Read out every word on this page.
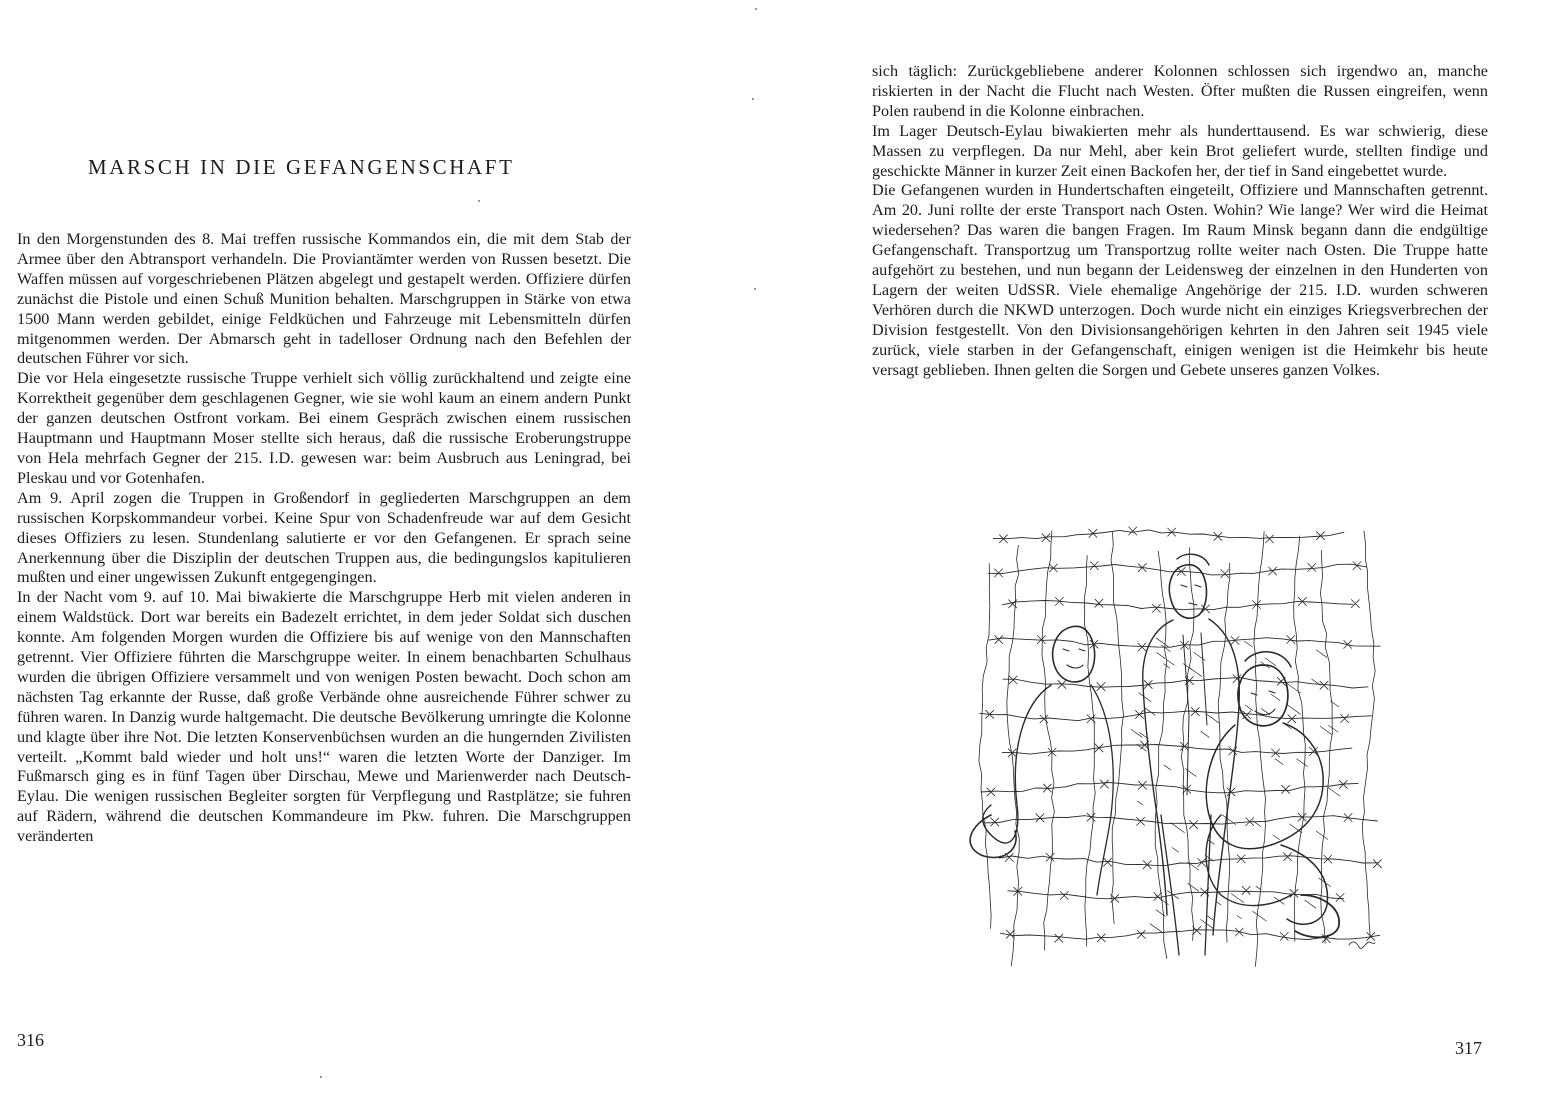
MARSCH IN DIE GEFANGENSCHAFT

In den Morgenstunden des 8. Mai treffen russische Kommandos ein, die mit dem Stab der Armee über den Abtransport verhandeln. Die Proviantämter werden von Russen besetzt. Die Waffen müssen auf vorgeschriebenen Plätzen abgelegt und gestapelt werden. Offiziere dürfen zunächst die Pistole und einen Schuß Munition behalten. Marschgruppen in Stärke von etwa 1500 Mann werden gebildet, einige Feldküchen und Fahrzeuge mit Lebensmitteln dürfen mitgenommen werden. Der Abmarsch geht in tadelloser Ordnung nach den Befehlen der deutschen Führer vor sich.

Die vor Hela eingesetzte russische Truppe verhielt sich völlig zurückhaltend und zeigte eine Korrektheit gegenüber dem geschlagenen Gegner, wie sie wohl kaum an einem andern Punkt der ganzen deutschen Ostfront vorkam. Bei einem Gespräch zwischen einem russischen Hauptmann und Hauptmann Moser stellte sich heraus, daß die russische Eroberungstruppe von Hela mehrfach Gegner der 215. I.D. gewesen war: beim Ausbruch aus Leningrad, bei Pleskau und vor Gotenhafen.

Am 9. April zogen die Truppen in Großendorf in gegliederten Marschgruppen an dem russischen Korpskommandeur vorbei. Keine Spur von Schadenfreude war auf dem Gesicht dieses Offiziers zu lesen. Stundenlang salutierte er vor den Gefangenen. Er sprach seine Anerkennung über die Disziplin der deutschen Truppen aus, die bedingungslos kapitulieren mußten und einer ungewissen Zukunft entgegengingen.

In der Nacht vom 9. auf 10. Mai biwakierte die Marschgruppe Herb mit vielen anderen in einem Waldstück. Dort war bereits ein Badezelt errichtet, in dem jeder Soldat sich duschen konnte. Am folgenden Morgen wurden die Offiziere bis auf wenige von den Mannschaften getrennt. Vier Offiziere führten die Marschgruppe weiter. In einem benachbarten Schulhaus wurden die übrigen Offiziere versammelt und von wenigen Posten bewacht. Doch schon am nächsten Tag erkannte der Russe, daß große Verbände ohne ausreichende Führer schwer zu führen waren. In Danzig wurde haltgemacht. Die deutsche Bevölkerung umringte die Kolonne und klagte über ihre Not. Die letzten Konservenbüchsen wurden an die hungernden Zivilisten verteilt. „Kommt bald wieder und holt uns!“ waren die letzten Worte der Danziger. Im Fußmarsch ging es in fünf Tagen über Dirschau, Mewe und Marienwerder nach Deutsch-Eylau. Die wenigen russischen Begleiter sorgten für Verpflegung und Rastplätze; sie fuhren auf Rädern, während die deutschen Kommandeure im Pkw. fuhren. Die Marschgruppen veränderten

316

sich täglich: Zurückgebliebene anderer Kolonnen schlossen sich irgendwo an, manche riskierten in der Nacht die Flucht nach Westen. Öfter mußten die Russen eingreifen, wenn Polen raubend in die Kolonne einbrachen.

Im Lager Deutsch-Eylau biwakierten mehr als hunderttausend. Es war schwierig, diese Massen zu verpflegen. Da nur Mehl, aber kein Brot geliefert wurde, stellten findige und geschickte Männer in kurzer Zeit einen Backofen her, der tief in Sand eingebettet wurde.

Die Gefangenen wurden in Hundertschaften eingeteilt, Offiziere und Mannschaften getrennt. Am 20. Juni rollte der erste Transport nach Osten. Wohin? Wie lange? Wer wird die Heimat wiedersehen? Das waren die bangen Fragen. Im Raum Minsk begann dann die endgültige Gefangenschaft. Transportzug um Transportzug rollte weiter nach Osten. Die Truppe hatte aufgehört zu bestehen, und nun begann der Leidensweg der einzelnen in den Hunderten von Lagern der weiten UdSSR. Viele ehemalige Angehörige der 215. I.D. wurden schweren Verhören durch die NKWD unterzogen. Doch wurde nicht ein einziges Kriegsverbrechen der Division festgestellt. Von den Divisionsangehörigen kehrten in den Jahren seit 1945 viele zurück, viele starben in der Gefangenschaft, einigen wenigen ist die Heimkehr bis heute versagt geblieben. Ihnen gelten die Sorgen und Gebete unseres ganzen Volkes.

317
